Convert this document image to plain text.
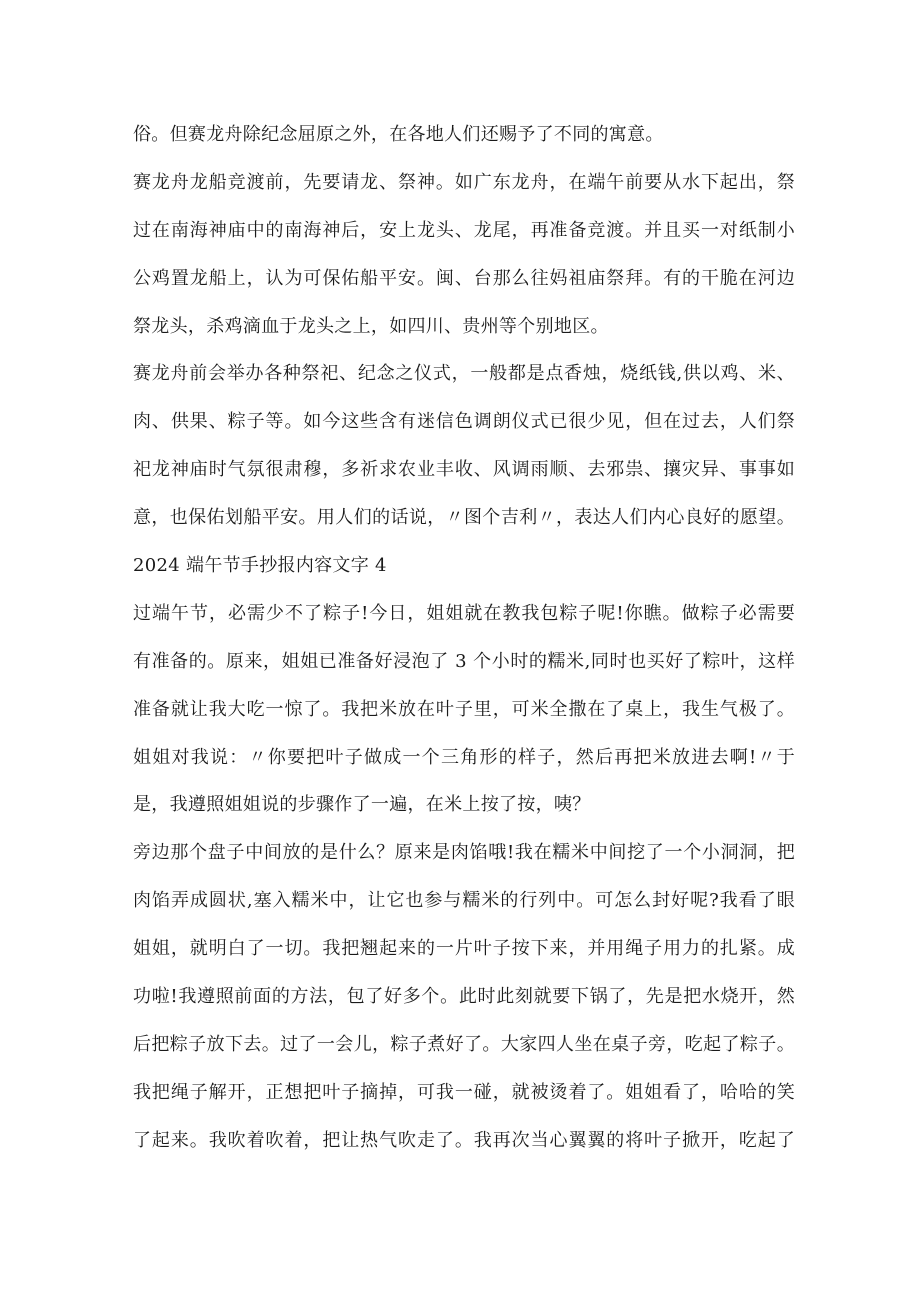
俗。但赛龙舟除纪念屈原之外，在各地人们还赐予了不同的寓意。
赛龙舟龙船竞渡前，先要请龙、祭神。如广东龙舟，在端午前要从水下起出，祭
过在南海神庙中的南海神后，安上龙头、龙尾，再准备竞渡。并且买一对纸制小
公鸡置龙船上，认为可保佑船平安。闽、台那么往妈祖庙祭拜。有的干脆在河边
祭龙头，杀鸡滴血于龙头之上，如四川、贵州等个别地区。
赛龙舟前会举办各种祭祀、纪念之仪式，一般都是点香烛，烧纸钱,供以鸡、米、
肉、供果、粽子等。如今这些含有迷信色调朗仪式已很少见，但在过去，人们祭
祀龙神庙时气氛很肃穆，多祈求农业丰收、风调雨顺、去邪祟、攘灾异、事事如
意，也保佑划船平安。用人们的话说，〃图个吉利〃，表达人们内心良好的愿望。
2024 端午节手抄报内容文字 4
过端午节，必需少不了粽子!今日，姐姐就在教我包粽子呢!你瞧。做粽子必需要
有准备的。原来，姐姐已准备好浸泡了 3 个小时的糯米,同时也买好了粽叶，这样
准备就让我大吃一惊了。我把米放在叶子里，可米全撒在了桌上，我生气极了。
姐姐对我说：〃你要把叶子做成一个三角形的样子，然后再把米放进去啊!〃于
是，我遵照姐姐说的步骤作了一遍，在米上按了按，咦？
旁边那个盘子中间放的是什么？原来是肉馅哦!我在糯米中间挖了一个小洞洞，把
肉馅弄成圆状,塞入糯米中，让它也参与糯米的行列中。可怎么封好呢?我看了眼
姐姐，就明白了一切。我把翘起来的一片叶子按下来，并用绳子用力的扎紧。成
功啦!我遵照前面的方法，包了好多个。此时此刻就要下锅了，先是把水烧开，然
后把粽子放下去。过了一会儿，粽子煮好了。大家四人坐在桌子旁，吃起了粽子。
我把绳子解开，正想把叶子摘掉，可我一碰，就被烫着了。姐姐看了，哈哈的笑
了起来。我吹着吹着，把让热气吹走了。我再次当心翼翼的将叶子掀开，吃起了
